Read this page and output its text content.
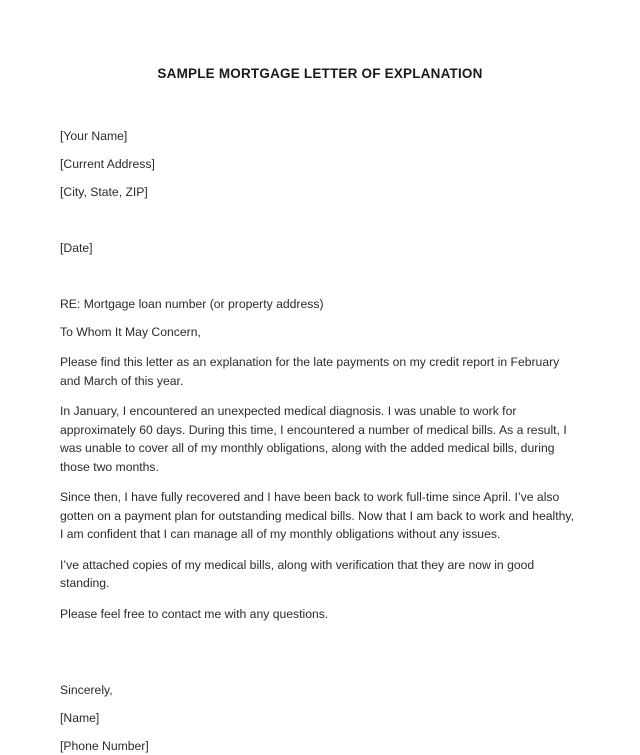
SAMPLE MORTGAGE LETTER OF EXPLANATION

[Your Name]

[Current Address]

[City, State, ZIP]

[Date]

RE: Mortgage loan number (or property address)

To Whom It May Concern,

Please find this letter as an explanation for the late payments on my credit report in February and March of this year.

In January, I encountered an unexpected medical diagnosis. I was unable to work for approximately 60 days. During this time, I encountered a number of medical bills. As a result, I was unable to cover all of my monthly obligations, along with the added medical bills, during those two months.

Since then, I have fully recovered and I have been back to work full-time since April. I’ve also gotten on a payment plan for outstanding medical bills. Now that I am back to work and healthy, I am confident that I can manage all of my monthly obligations without any issues.

I’ve attached copies of my medical bills, along with verification that they are now in good standing.

Please feel free to contact me with any questions.

Sincerely,

[Name]

[Phone Number]
